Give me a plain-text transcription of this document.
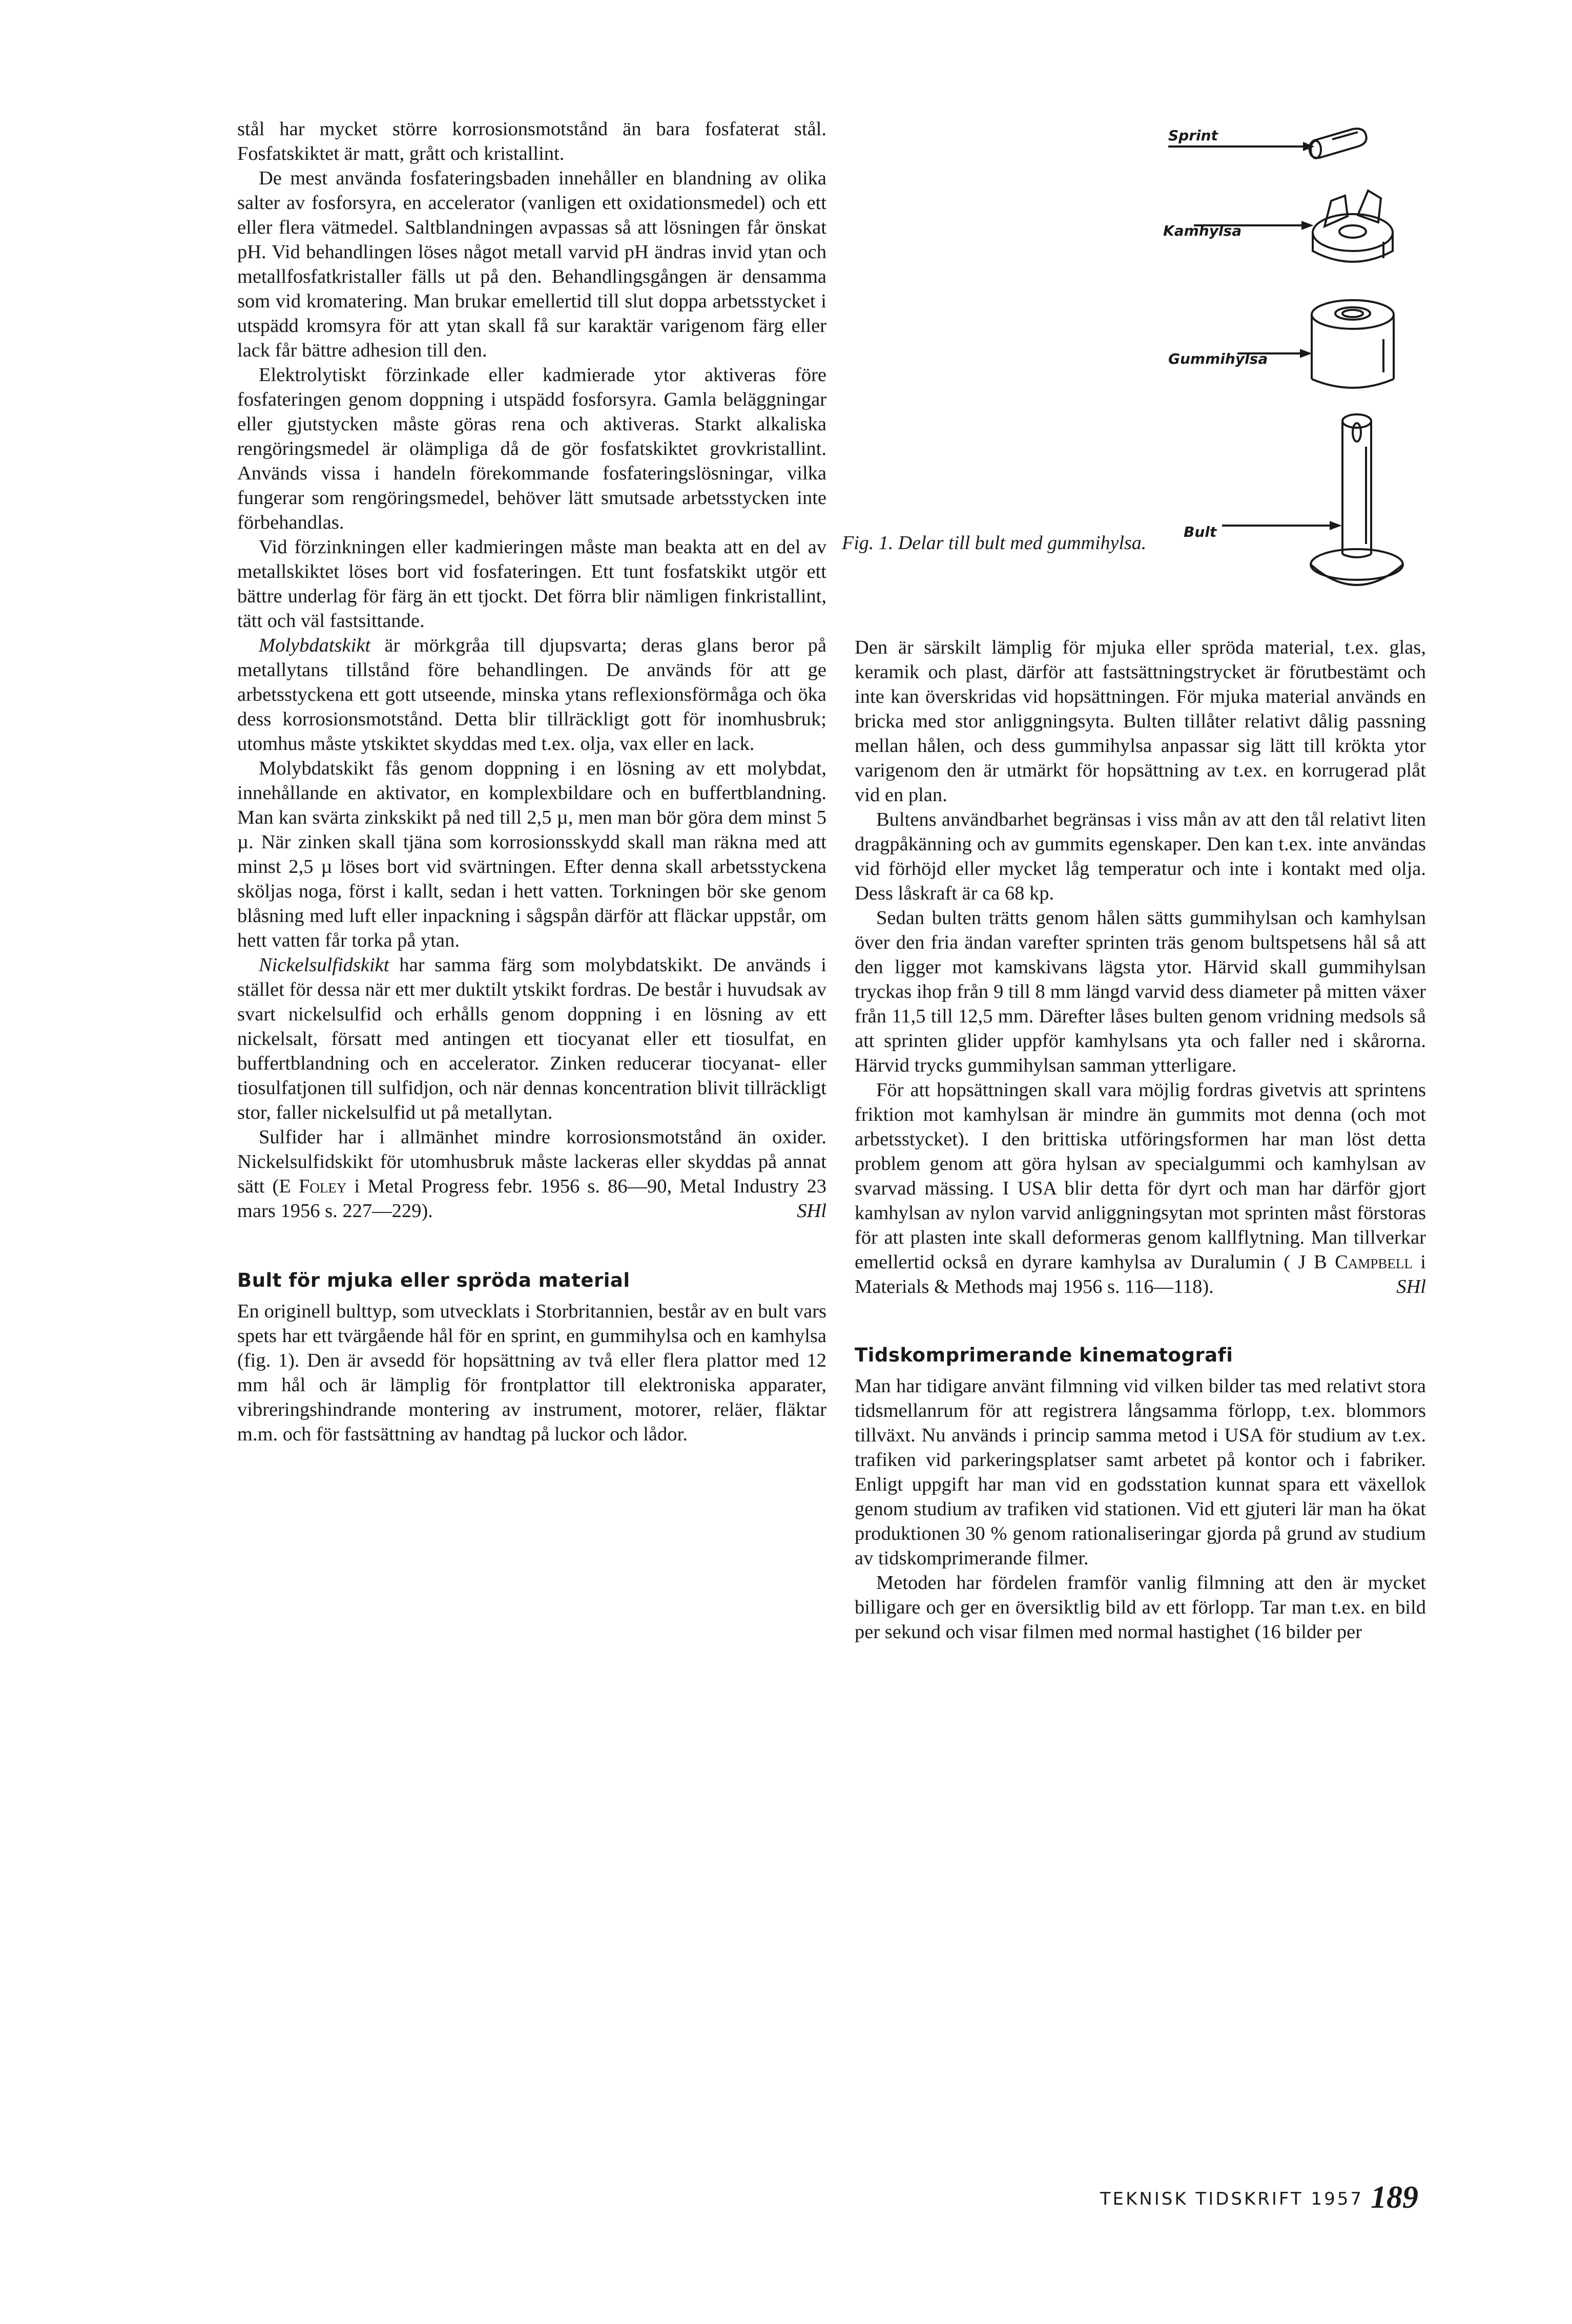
stål har mycket större korrosionsmotstånd än bara fosfaterat stål. Fosfatskiktet är matt, grått och kristallint.

De mest använda fosfateringsbaden innehåller en blandning av olika salter av fosforsyra, en accelerator (vanligen ett oxidationsmedel) och ett eller flera vätmedel. Saltblandningen avpassas så att lösningen får önskat pH. Vid behandlingen löses något metall varvid pH ändras invid ytan och metallfosfatkristaller fälls ut på den. Behandlingsgången är densamma som vid kromatering. Man brukar emellertid till slut doppa arbetsstycket i utspädd kromsyra för att ytan skall få sur karaktär varigenom färg eller lack får bättre adhesion till den.

Elektrolytiskt förzinkade eller kadmierade ytor aktiveras före fosfateringen genom doppning i utspädd fosforsyra. Gamla beläggningar eller gjutstycken måste göras rena och aktiveras. Starkt alkaliska rengöringsmedel är olämpliga då de gör fosfatskiktet grovkristallint. Används vissa i handeln förekommande fosfateringslösningar, vilka fungerar som rengöringsmedel, behöver lätt smutsade arbetsstycken inte förbehandlas.

Vid förzinkningen eller kadmieringen måste man beakta att en del av metallskiktet löses bort vid fosfateringen. Ett tunt fosfatskikt utgör ett bättre underlag för färg än ett tjockt. Det förra blir nämligen finkristallint, tätt och väl fastsittande.

Molybdatskikt är mörkgråa till djupsvarta; deras glans beror på metallytans tillstånd före behandlingen. De används för att ge arbetsstyckena ett gott utseende, minska ytans reflexionsförmåga och öka dess korrosionsmotstånd. Detta blir tillräckligt gott för inomhusbruk; utomhus måste ytskiktet skyddas med t.ex. olja, vax eller en lack.

Molybdatskikt fås genom doppning i en lösning av ett molybdat, innehållande en aktivator, en komplexbildare och en buffertblandning. Man kan svärta zinkskikt på ned till 2,5 µ, men man bör göra dem minst 5 µ. När zinken skall tjäna som korrosionsskydd skall man räkna med att minst 2,5 µ löses bort vid svärtningen. Efter denna skall arbetsstyckena sköljas noga, först i kallt, sedan i hett vatten. Torkningen bör ske genom blåsning med luft eller inpackning i sågspån därför att fläckar uppstår, om hett vatten får torka på ytan.

Nickelsulfidskikt har samma färg som molybdatskikt. De används i stället för dessa när ett mer duktilt ytskikt fordras. De består i huvudsak av svart nickelsulfid och erhålls genom doppning i en lösning av ett nickelsalt, försatt med antingen ett tiocyanat eller ett tiosulfat, en buffertblandning och en accelerator. Zinken reducerar tiocyanat- eller tiosulfatjonen till sulfidjon, och när dennas koncentration blivit tillräckligt stor, faller nickelsulfid ut på metallytan.

Sulfider har i allmänhet mindre korrosionsmotstånd än oxider. Nickelsulfidskikt för utomhusbruk måste lackeras eller skyddas på annat sätt (E Foley i Metal Progress febr. 1956 s. 86—90, Metal Industry 23 mars 1956 s. 227—229).	SHl

Bult för mjuka eller spröda material

En originell bulttyp, som utvecklats i Storbritannien, består av en bult vars spets har ett tvärgående hål för en sprint, en gummihylsa och en kamhylsa (fig. 1). Den är avsedd för hopsättning av två eller flera plattor med 12 mm hål och är lämplig för frontplattor till elektroniska apparater, vibreringshindrande montering av instrument, motorer, reläer, fläktar m.m. och för fastsättning av handtag på luckor och lådor.

Sprint
Kamhylsa
Gummihylsa
Bult
Fig. 1. Delar till bult med gummihylsa.

Den är särskilt lämplig för mjuka eller spröda material, t.ex. glas, keramik och plast, därför att fastsättningstrycket är förutbestämt och inte kan överskridas vid hopsättningen. För mjuka material används en bricka med stor anliggningsyta. Bulten tillåter relativt dålig passning mellan hålen, och dess gummihylsa anpassar sig lätt till krökta ytor varigenom den är utmärkt för hopsättning av t.ex. en korrugerad plåt vid en plan.

Bultens användbarhet begränsas i viss mån av att den tål relativt liten dragpåkänning och av gummits egenskaper. Den kan t.ex. inte användas vid förhöjd eller mycket låg temperatur och inte i kontakt med olja. Dess låskraft är ca 68 kp.

Sedan bulten trätts genom hålen sätts gummihylsan och kamhylsan över den fria ändan varefter sprinten träs genom bultspetsens hål så att den ligger mot kamskivans lägsta ytor. Härvid skall gummihylsan tryckas ihop från 9 till 8 mm längd varvid dess diameter på mitten växer från 11,5 till 12,5 mm. Därefter låses bulten genom vridning medsols så att sprinten glider uppför kamhylsans yta och faller ned i skårorna. Härvid trycks gummihylsan samman ytterligare.

För att hopsättningen skall vara möjlig fordras givetvis att sprintens friktion mot kamhylsan är mindre än gummits mot denna (och mot arbetsstycket). I den brittiska utföringsformen har man löst detta problem genom att göra hylsan av specialgummi och kamhylsan av svarvad mässing. I USA blir detta för dyrt och man har därför gjort kamhylsan av nylon varvid anliggningsytan mot sprinten måst förstoras för att plasten inte skall deformeras genom kallflytning. Man tillverkar emellertid också en dyrare kamhylsa av Duralumin ( J B Campbell i Materials & Methods maj 1956 s. 116—118).	SHl

Tidskomprimerande kinematografi

Man har tidigare använt filmning vid vilken bilder tas med relativt stora tidsmellanrum för att registrera långsamma förlopp, t.ex. blommors tillväxt. Nu används i princip samma metod i USA för studium av t.ex. trafiken vid parkeringsplatser samt arbetet på kontor och i fabriker. Enligt uppgift har man vid en godsstation kunnat spara ett växellok genom studium av trafiken vid stationen. Vid ett gjuteri lär man ha ökat produktionen 30 % genom rationaliseringar gjorda på grund av studium av tidskomprimerande filmer.

Metoden har fördelen framför vanlig filmning att den är mycket billigare och ger en översiktlig bild av ett förlopp. Tar man t.ex. en bild per sekund och visar filmen med normal hastighet (16 bilder per

TEKNISK TIDSKRIFT 1957 189
